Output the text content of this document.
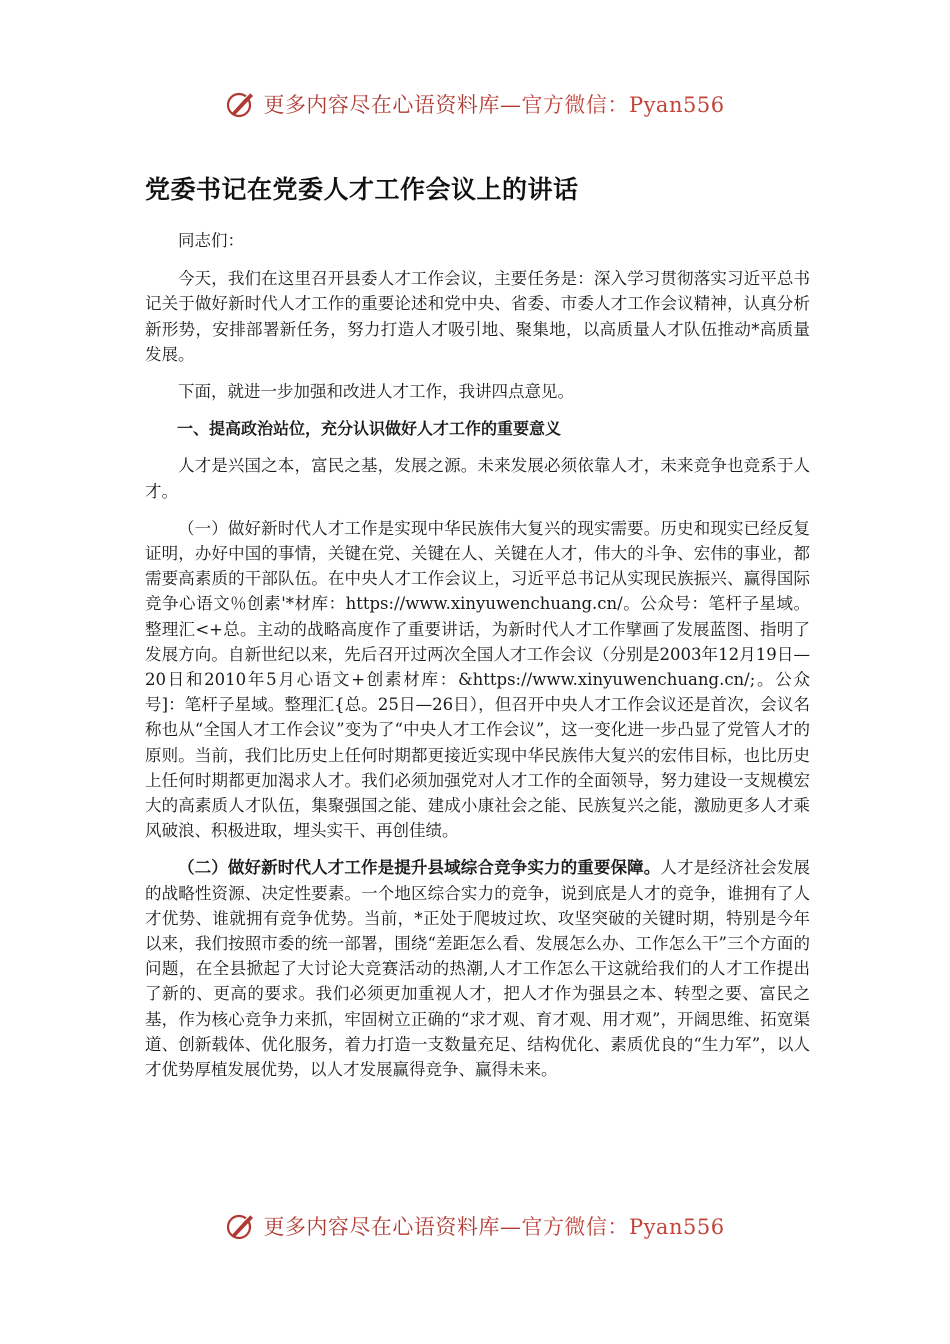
更多内容尽在心语资料库—官方微信：Pyan556
党委书记在党委人才工作会议上的讲话

同志们：

今天，我们在这里召开县委人才工作会议，主要任务是：深入学习贯彻落实习近平总书记关于做好新时代人才工作的重要论述和党中央、省委、市委人才工作会议精神，认真分析新形势，安排部署新任务，努力打造人才吸引地、聚集地，以高质量人才队伍推动*高质量发展。

下面，就进一步加强和改进人才工作，我讲四点意见。

一、提高政治站位，充分认识做好人才工作的重要意义

人才是兴国之本，富民之基，发展之源。未来发展必须依靠人才，未来竞争也竞系于人才。

（一）做好新时代人才工作是实现中华民族伟大复兴的现实需要。历史和现实已经反复证明，办好中国的事情，关键在党、关键在人、关键在人才，伟大的斗争、宏伟的事业，都需要高素质的干部队伍。在中央人才工作会议上，习近平总书记从实现民族振兴、赢得国际竞争心语文％创素'*材库：https://www.xinyuwenchuang.cn/。公众号：笔杆子星域。整理汇<+总。主动的战略高度作了重要讲话，为新时代人才工作擘画了发展蓝图、指明了发展方向。自新世纪以来，先后召开过两次全国人才工作会议（分别是2003年12月19日—20日和2010年5月心语文+创素材库：&https://www.xinyuwenchuang.cn/;。公众号]：笔杆子星域。整理汇{总。25日—26日），但召开中央人才工作会议还是首次，会议名称也从“全国人才工作会议”变为了“中央人才工作会议”，这一变化进一步凸显了党管人才的原则。当前，我们比历史上任何时期都更接近实现中华民族伟大复兴的宏伟目标，也比历史上任何时期都更加渴求人才。我们必须加强党对人才工作的全面领导，努力建设一支规模宏大的高素质人才队伍，集聚强国之能、建成小康社会之能、民族复兴之能，激励更多人才乘风破浪、积极进取，埋头实干、再创佳绩。

（二）做好新时代人才工作是提升县域综合竞争实力的重要保障。人才是经济社会发展的战略性资源、决定性要素。一个地区综合实力的竞争，说到底是人才的竞争，谁拥有了人才优势、谁就拥有竞争优势。当前，*正处于爬坡过坎、攻坚突破的关键时期，特别是今年以来，我们按照市委的统一部署，围绕“差距怎么看、发展怎么办、工作怎么干”三个方面的问题，在全县掀起了大讨论大竞赛活动的热潮,人才工作怎么干这就给我们的人才工作提出了新的、更高的要求。我们必须更加重视人才，把人才作为强县之本、转型之要、富民之基，作为核心竞争力来抓，牢固树立正确的“求才观、育才观、用才观”，开阔思维、拓宽渠道、创新载体、优化服务，着力打造一支数量充足、结构优化、素质优良的“生力军”，以人才优势厚植发展优势，以人才发展赢得竞争、赢得未来。

更多内容尽在心语资料库—官方微信：Pyan556
